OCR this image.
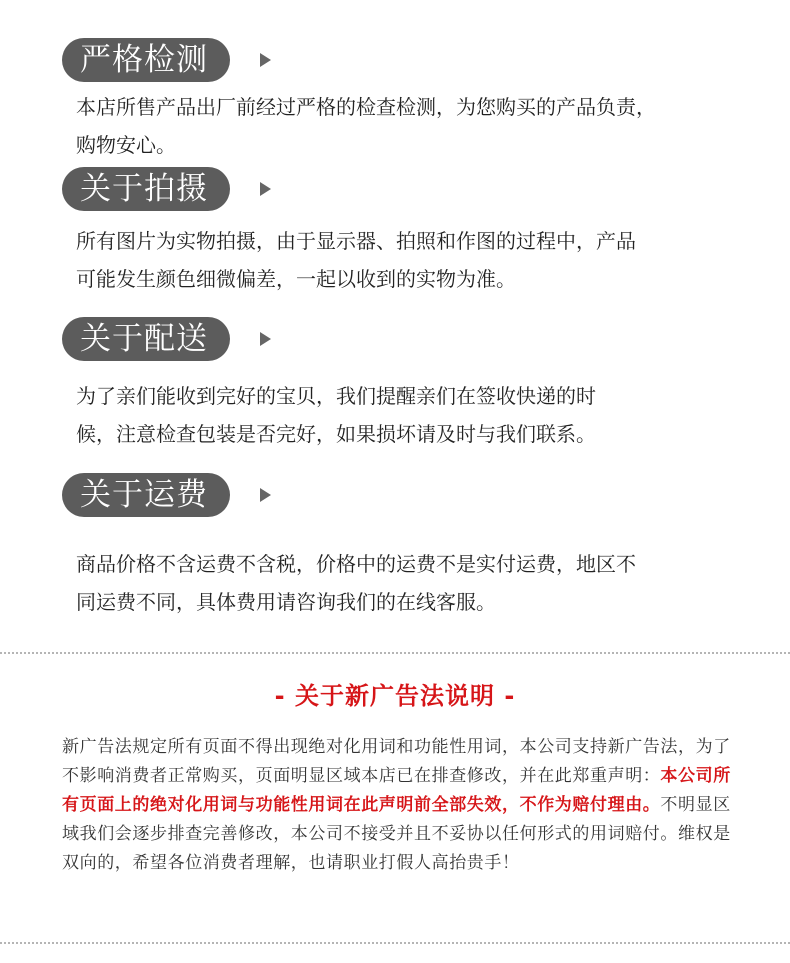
严格检测
本店所售产品出厂前经过严格的检查检测，为您购买的产品负责，
购物安心。
关于拍摄
所有图片为实物拍摄，由于显示器、拍照和作图的过程中，产品
可能发生颜色细微偏差，一起以收到的实物为准。
关于配送
为了亲们能收到完好的宝贝，我们提醒亲们在签收快递的时
候，注意检查包装是否完好，如果损坏请及时与我们联系。
关于运费
商品价格不含运费不含税，价格中的运费不是实付运费，地区不
同运费不同，具体费用请咨询我们的在线客服。
- 关于新广告法说明 -

新广告法规定所有页面不得出现绝对化用词和功能性用词，本公司支持新广告法，为了不影响消费者正常购买，页面明显区域本店已在排查修改，并在此郑重声明：本公司所有页面上的绝对化用词与功能性用词在此声明前全部失效，不作为赔付理由。不明显区域我们会逐步排查完善修改，本公司不接受并且不妥协以任何形式的用词赔付。维权是双向的，希望各位消费者理解，也请职业打假人高抬贵手！
